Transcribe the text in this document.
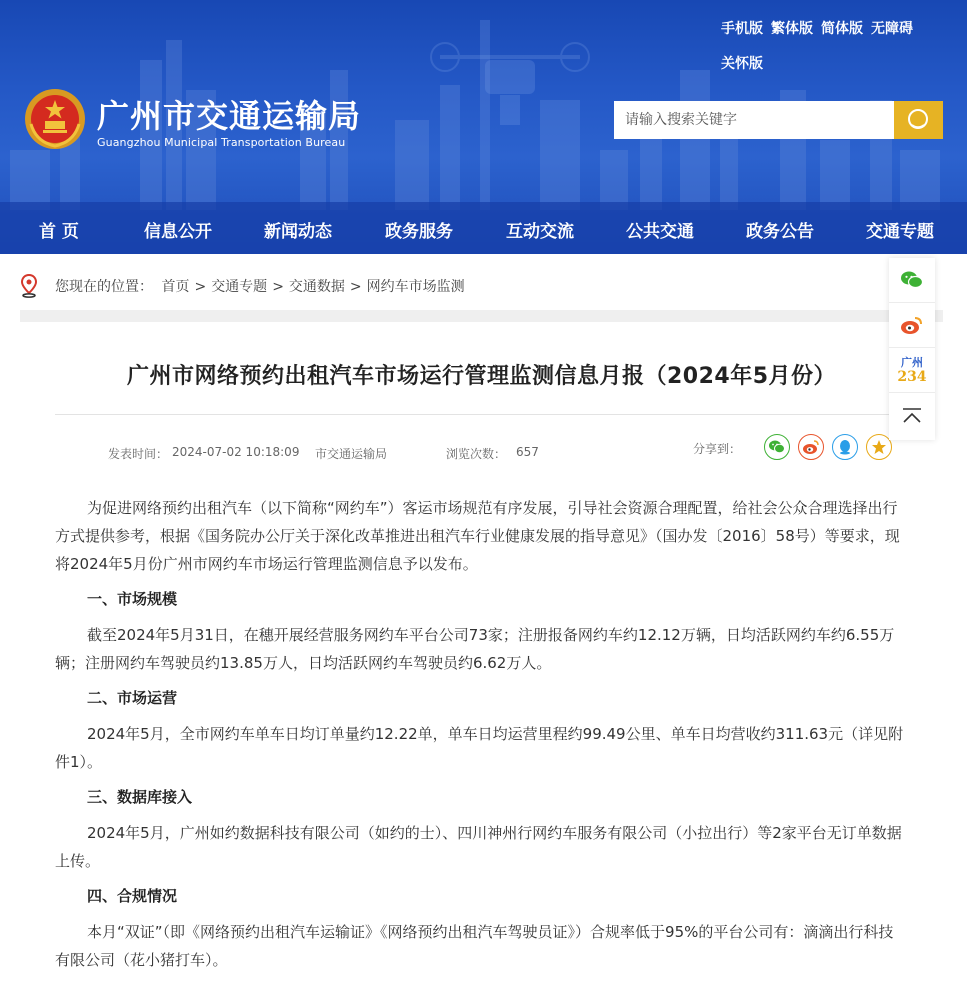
手机版 繁体版 简体版 无障碍
关怀版
广州市交通运输局
Guangzhou Municipal Transportation Bureau
请输入搜索关键字
首 页	信息公开	新闻动态	政务服务	互动交流	公共交通	政务公告	交通专题
您现在的位置： 首页 > 交通专题 > 交通数据 > 网约车市场监测
广州市网络预约出租汽车市场运行管理监测信息月报（2024年5月份）
发表时间： 2024-07-02 10:18:09 市交通运输局	浏览次数： 657	分享到：

为促进网络预约出租汽车（以下简称“网约车”）客运市场规范有序发展，引导社会资源合理配置，给社会公众合理选择出行方式提供参考，根据《国务院办公厅关于深化改革推进出租汽车行业健康发展的指导意见》（国办发〔2016〕58号）等要求，现将2024年5月份广州市网约车市场运行管理监测信息予以发布。

一、市场规模

截至2024年5月31日，在穗开展经营服务网约车平台公司73家；注册报备网约车约12.12万辆，日均活跃网约车约6.55万辆；注册网约车驾驶员约13.85万人，日均活跃网约车驾驶员约6.62万人。

二、市场运营

2024年5月，全市网约车单车日均订单量约12.22单，单车日均运营里程约99.49公里、单车日均营收约311.63元（详见附件1）。

三、数据库接入

2024年5月，广州如约数据科技有限公司（如约的士）、四川神州行网约车服务有限公司（小拉出行）等2家平台无订单数据上传。

四、合规情况

本月“双证”（即《网络预约出租汽车运输证》《网络预约出租汽车驾驶员证》）合规率低于95%的平台公司有：滴滴出行科技有限公司（花小猪打车）。

广州
234
